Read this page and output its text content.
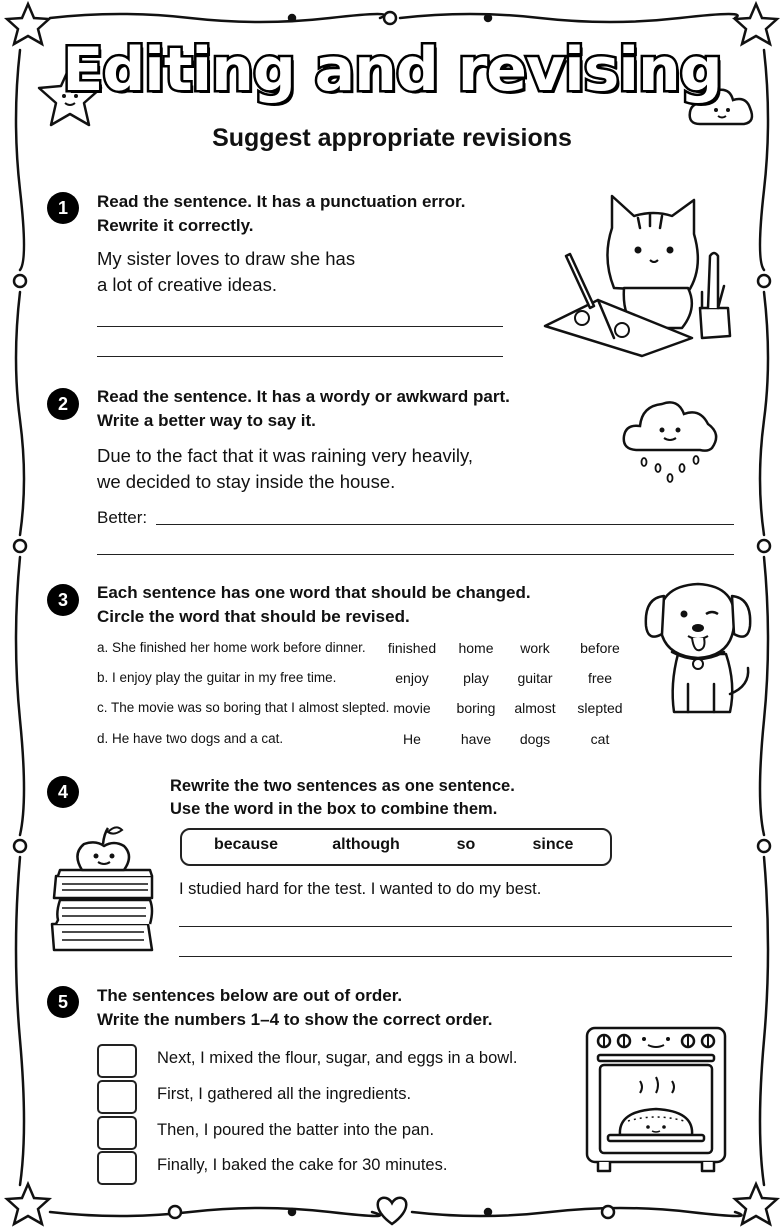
Editing and revising
Suggest appropriate revisions
1	Read the sentence. It has a punctuation error.
Rewrite it correctly.
My sister loves to draw she has
a lot of creative ideas.
2	Read the sentence. It has a wordy or awkward part.
Write a better way to say it.
Due to the fact that it was raining very heavily,
we decided to stay inside the house.
Better:
3	Each sentence has one word that should be changed.
Circle the word that should be revised.
a. She finished her home work before dinner.	finished	home	work	before
b. I enjoy play the guitar in my free time.	enjoy	play	guitar	free
c. The movie was so boring that I almost slepted. movie	boring	almost	slepted
d. He have two dogs and a cat.	He	have	dogs	cat
4	Rewrite the two sentences as one sentence.
Use the word in the box to combine them.
because	although	so	since
I studied hard for the test. I wanted to do my best.
5	The sentences below are out of order.
Write the numbers 1–4 to show the correct order.
Next, I mixed the flour, sugar, and eggs in a bowl.
First, I gathered all the ingredients.
Then, I poured the batter into the pan.
Finally, I baked the cake for 30 minutes.
